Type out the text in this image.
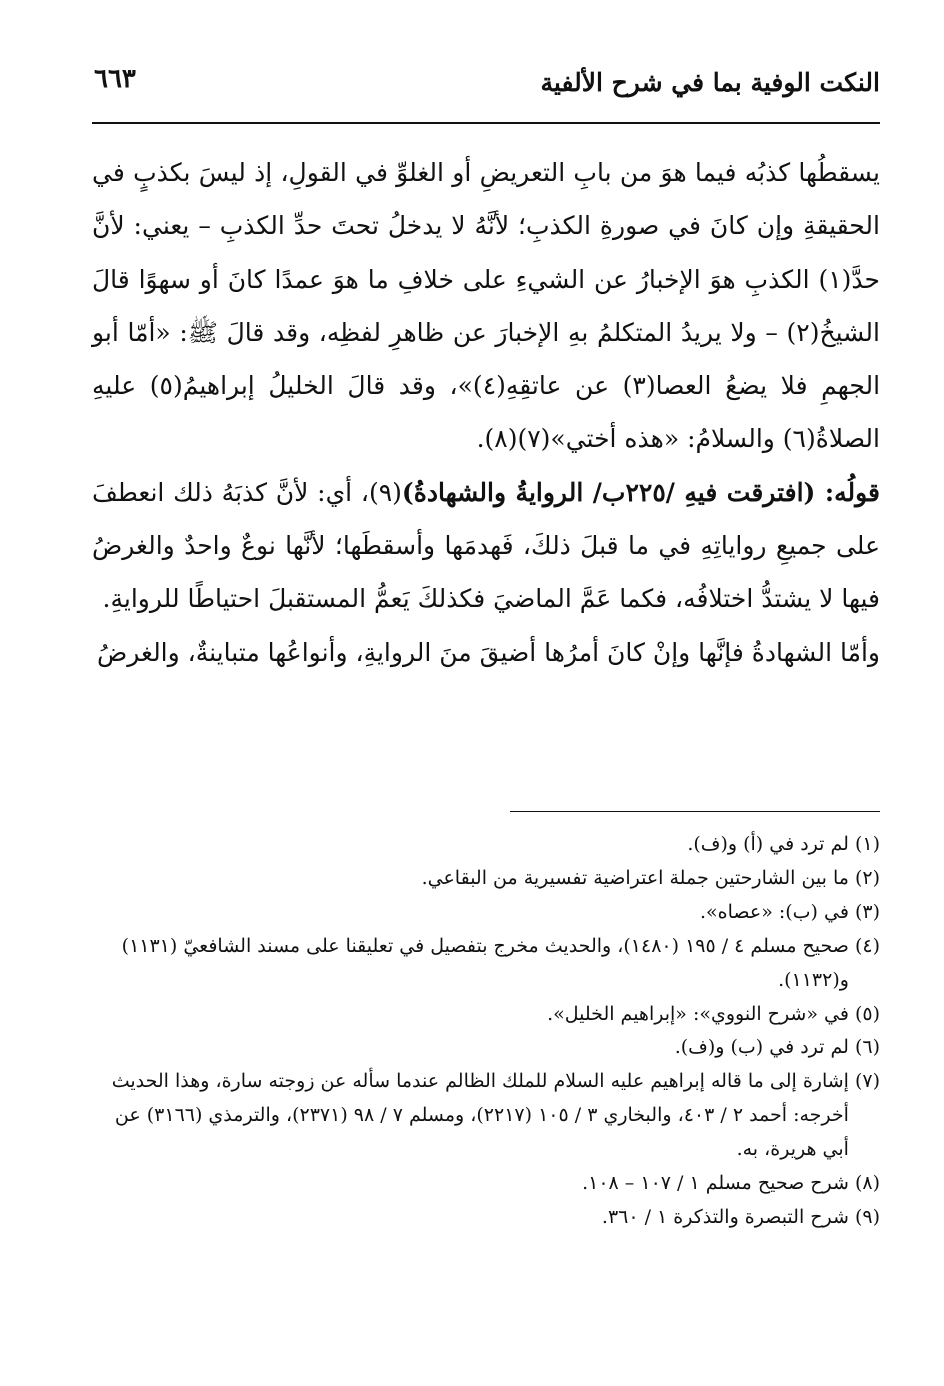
النكت الوفية بما في شرح الألفية
٦٦٣

يسقطُها كذبُه فيما هوَ من بابِ التعريضِ أو الغلوِّ في القولِ، إذ ليسَ بكذبٍ في الحقيقةِ وإن كانَ في صورةِ الكذبِ؛ لأنَّهُ لا يدخلُ تحتَ حدِّ الكذبِ – يعني: لأنَّ حدَّ(١) الكذبِ هوَ الإخبارُ عن الشيءِ على خلافِ ما هوَ عمدًا كانَ أو سهوًا قالَ الشيخُ(٢) – ولا يريدُ المتكلمُ بهِ الإخبارَ عن ظاهرِ لفظِه، وقد قالَ ﷺ: «أمّا أبو الجهمِ فلا يضعُ العصا(٣) عن عاتقِهِ(٤)»، وقد قالَ الخليلُ إبراهيمُ(٥) عليهِ الصلاةُ(٦) والسلامُ: «هذه أختي»(٧)(٨).

قولُه: (افترقت فيهِ /٢٢٥ب/ الروايةُ والشهادةُ)(٩)، أي: لأنَّ كذبَهُ ذلك انعطفَ على جميعِ رواياتِهِ في ما قبلَ ذلكَ، فَهدمَها وأسقطَها؛ لأنَّها نوعٌ واحدٌ والغرضُ فيها لا يشتدُّ اختلافُه، فكما عَمَّ الماضيَ فكذلكَ يَعمُّ المستقبلَ احتياطًا للروايةِ.

وأمّا الشهادةُ فإنَّها وإنْ كانَ أمرُها أضيقَ منَ الروايةِ، وأنواعُها متباينةٌ، والغرضُ

(١)
لم ترد في (أ) و(ف).
(٢)
ما بين الشارحتين جملة اعتراضية تفسيرية من البقاعي.
(٣)
في (ب): «عصاه».
(٤)
صحيح مسلم ٤ / ١٩٥ (١٤٨٠)، والحديث مخرج بتفصيل في تعليقنا على مسند الشافعيّ (١١٣١) و(١١٣٢).
(٥)
في «شرح النووي»: «إبراهيم الخليل».
(٦)
لم ترد في (ب) و(ف).
(٧)
إشارة إلى ما قاله إبراهيم عليه السلام للملك الظالم عندما سأله عن زوجته سارة، وهذا الحديث أخرجه: أحمد ٢ / ٤٠٣، والبخاري ٣ / ١٠٥ (٢٢١٧)، ومسلم ٧ / ٩٨ (٢٣٧١)، والترمذي (٣١٦٦) عن أبي هريرة، به.
(٨)
شرح صحيح مسلم ١ / ١٠٧ – ١٠٨.
(٩)
شرح التبصرة والتذكرة ١ / ٣٦٠.
